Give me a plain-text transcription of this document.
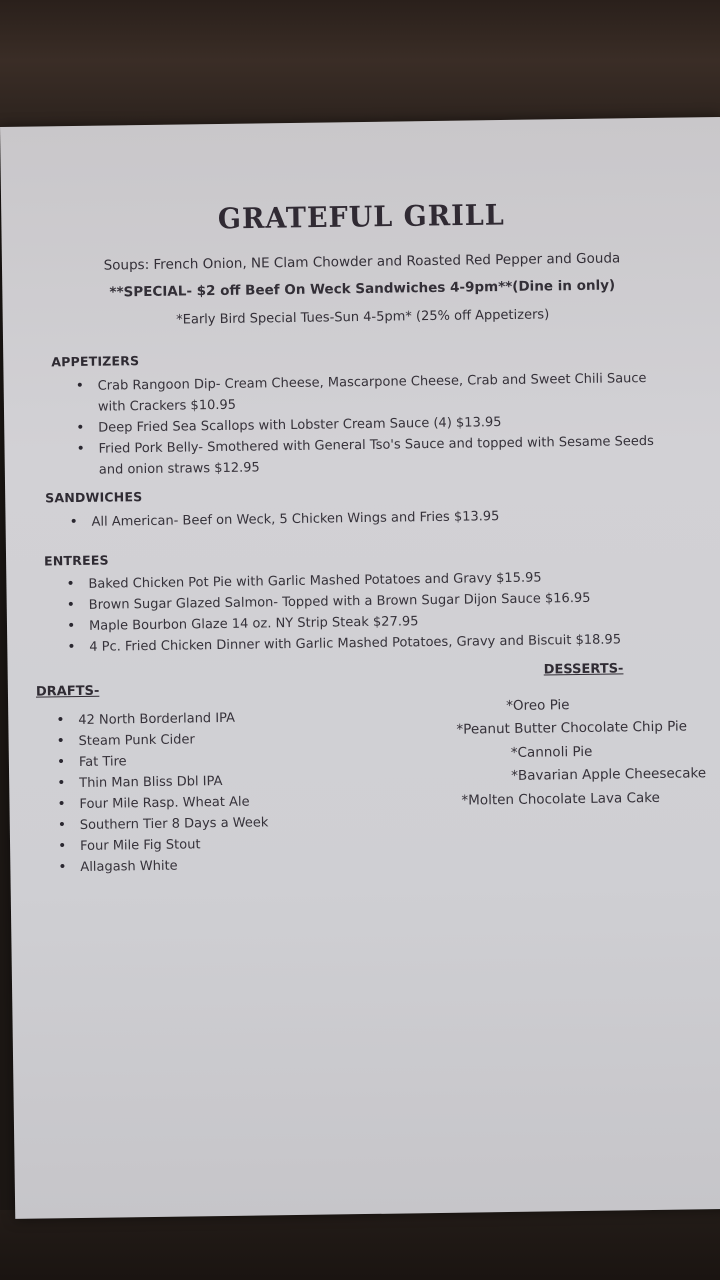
GRATEFUL GRILL
Soups: French Onion, NE Clam Chowder and Roasted Red Pepper and Gouda
**SPECIAL- $2 off Beef On Weck Sandwiches 4-9pm**(Dine in only)
*Early Bird Special Tues-Sun 4-5pm* (25% off Appetizers)
APPETIZERS
• Crab Rangoon Dip- Cream Cheese, Mascarpone Cheese, Crab and Sweet Chili Sauce with Crackers $10.95
• Deep Fried Sea Scallops with Lobster Cream Sauce (4) $13.95
• Fried Pork Belly- Smothered with General Tso's Sauce and topped with Sesame Seeds and onion straws $12.95
SANDWICHES
• All American- Beef on Weck, 5 Chicken Wings and Fries $13.95
ENTREES
• Baked Chicken Pot Pie with Garlic Mashed Potatoes and Gravy $15.95
• Brown Sugar Glazed Salmon- Topped with a Brown Sugar Dijon Sauce $16.95
• Maple Bourbon Glaze 14 oz. NY Strip Steak $27.95
• 4 Pc. Fried Chicken Dinner with Garlic Mashed Potatoes, Gravy and Biscuit $18.95
DRAFTS-
• 42 North Borderland IPA
• Steam Punk Cider
• Fat Tire
• Thin Man Bliss Dbl IPA
• Four Mile Rasp. Wheat Ale
• Southern Tier 8 Days a Week
• Four Mile Fig Stout
• Allagash White
DESSERTS-
*Oreo Pie
*Peanut Butter Chocolate Chip Pie
*Cannoli Pie
*Bavarian Apple Cheesecake
*Molten Chocolate Lava Cake
